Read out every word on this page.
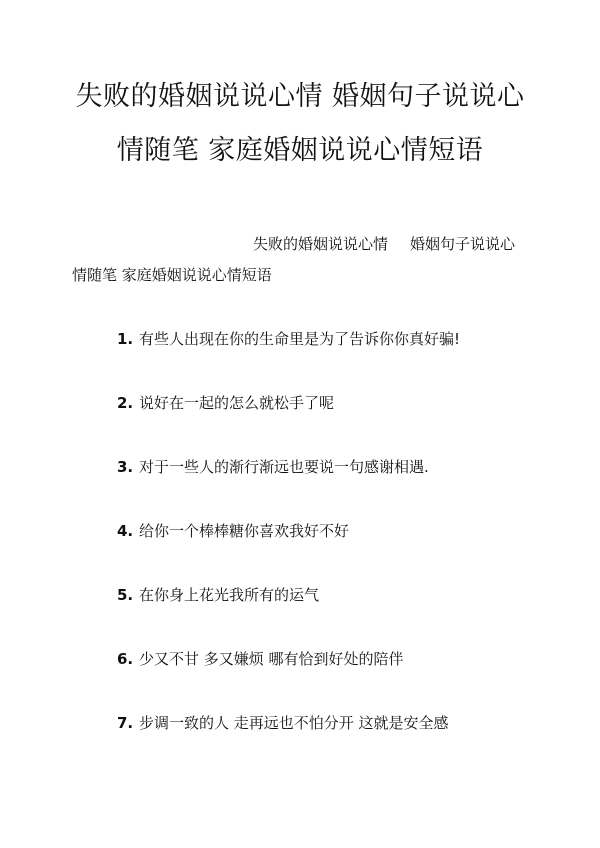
失败的婚姻说说心情 婚姻句子说说心
情随笔 家庭婚姻说说心情短语
失败的婚姻说说心情 婚姻句子说说心
情随笔 家庭婚姻说说心情短语
1. 有些人出现在你的生命里是为了告诉你你真好骗!
2. 说好在一起的怎么就松手了呢
3. 对于一些人的渐行渐远也要说一句感谢相遇.
4. 给你一个棒棒糖你喜欢我好不好
5. 在你身上花光我所有的运气
6. 少又不甘 多又嫌烦 哪有恰到好处的陪伴
7. 步调一致的人 走再远也不怕分开 这就是安全感
